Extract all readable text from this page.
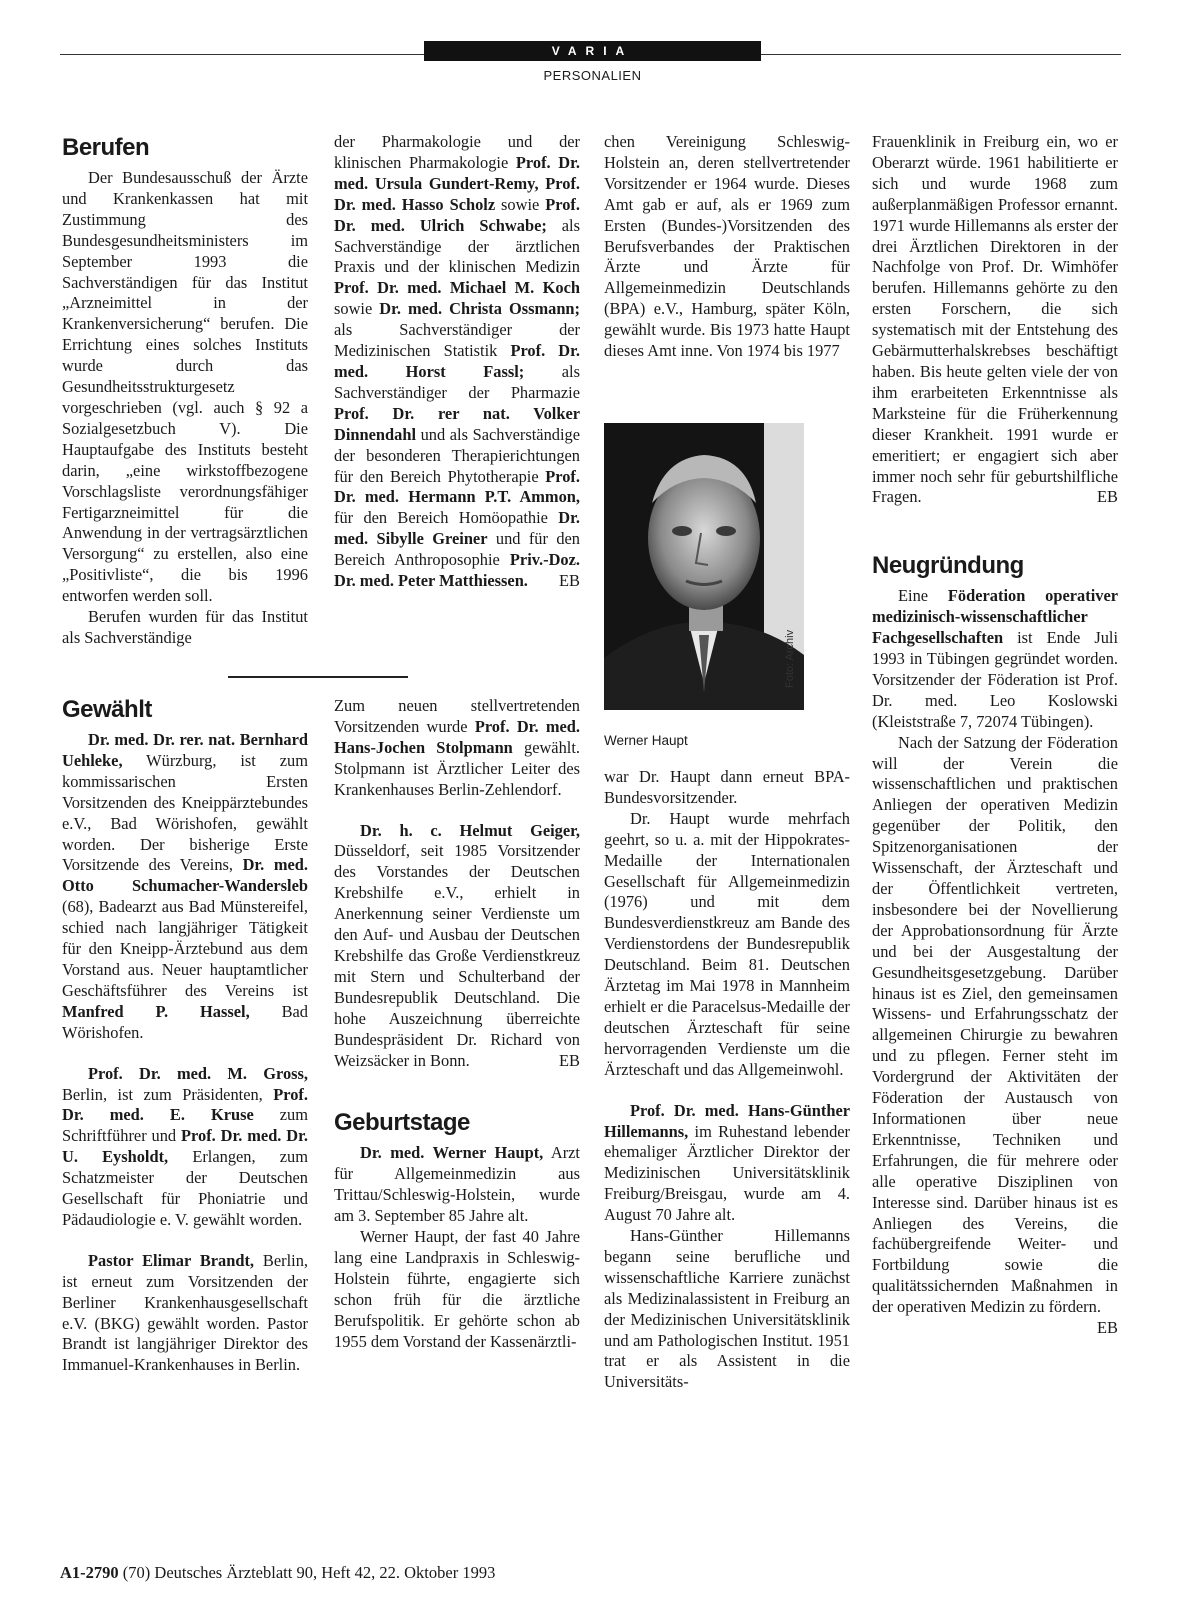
VARIA
PERSONALIEN
Berufen

Der Bundesausschuß der Ärzte und Krankenkassen hat mit Zustimmung des Bundesgesundheitsministers im September 1993 die Sachverständigen für das Institut „Arzneimittel in der Krankenversicherung“ berufen. Die Errichtung eines solches Instituts wurde durch das Gesundheitsstrukturgesetz vorgeschrieben (vgl. auch § 92 a Sozialgesetzbuch V). Die Hauptaufgabe des Instituts besteht darin, „eine wirkstoffbezogene Vorschlagsliste verordnungsfähiger Fertigarzneimittel für die Anwendung in der vertragsärztlichen Versorgung“ zu erstellen, also eine „Positivliste“, die bis 1996 entworfen werden soll.

Berufen wurden für das Institut als Sachverständige

Gewählt

Dr. med. Dr. rer. nat. Bernhard Uehleke, Würzburg, ist zum kommissarischen Ersten Vorsitzenden des Kneippärztebundes e.V., Bad Wörishofen, gewählt worden. Der bisherige Erste Vorsitzende des Vereins, Dr. med. Otto Schumacher-Wandersleb (68), Badearzt aus Bad Münstereifel, schied nach langjähriger Tätigkeit für den Kneipp-Ärztebund aus dem Vorstand aus. Neuer hauptamtlicher Geschäftsführer des Vereins ist Manfred P. Hassel, Bad Wörishofen.

Prof. Dr. med. M. Gross, Berlin, ist zum Präsidenten, Prof. Dr. med. E. Kruse zum Schriftführer und Prof. Dr. med. Dr. U. Eysholdt, Erlangen, zum Schatzmeister der Deutschen Gesellschaft für Phoniatrie und Pädaudiologie e. V. gewählt worden.

Pastor Elimar Brandt, Berlin, ist erneut zum Vorsitzenden der Berliner Krankenhausgesellschaft e.V. (BKG) gewählt worden. Pastor Brandt ist langjähriger Direktor des Immanuel-Krankenhauses in Berlin.

der Pharmakologie und der klinischen Pharmakologie Prof. Dr. med. Ursula Gundert-Remy, Prof. Dr. med. Hasso Scholz sowie Prof. Dr. med. Ulrich Schwabe; als Sachverständige der ärztlichen Praxis und der klinischen Medizin Prof. Dr. med. Michael M. Koch sowie Dr. med. Christa Ossmann; als Sachverständiger der Medizinischen Statistik Prof. Dr. med. Horst Fassl; als Sachverständiger der Pharmazie Prof. Dr. rer nat. Volker Dinnendahl und als Sachverständige der besonderen Therapierichtungen für den Bereich Phytotherapie Prof. Dr. med. Hermann P.T. Ammon, für den Bereich Homöopathie Dr. med. Sibylle Greiner und für den Bereich Anthroposophie Priv.-Doz. Dr. med. Peter Matthiessen. EB

Zum neuen stellvertretenden Vorsitzenden wurde Prof. Dr. med. Hans-Jochen Stolpmann gewählt. Stolpmann ist Ärztlicher Leiter des Krankenhauses Berlin-Zehlendorf.

Dr. h. c. Helmut Geiger, Düsseldorf, seit 1985 Vorsitzender des Vorstandes der Deutschen Krebshilfe e.V., erhielt in Anerkennung seiner Verdienste um den Auf- und Ausbau der Deutschen Krebshilfe das Große Verdienstkreuz mit Stern und Schulterband der Bundesrepublik Deutschland. Die hohe Auszeichnung überreichte Bundespräsident Dr. Richard von Weizsäcker in Bonn.	EB

Geburtstage

Dr. med. Werner Haupt, Arzt für Allgemeinmedizin aus Trittau/Schleswig-Holstein, wurde am 3. September 85 Jahre alt.

Werner Haupt, der fast 40 Jahre lang eine Landpraxis in Schleswig-Holstein führte, engagierte sich schon früh für die ärztliche Berufspolitik. Er gehörte schon ab 1955 dem Vorstand der Kassenärztli-

chen Vereinigung Schleswig-Holstein an, deren stellvertretender Vorsitzender er 1964 wurde. Dieses Amt gab er auf, als er 1969 zum Ersten (Bundes-)Vorsitzenden des Berufsverbandes der Praktischen Ärzte und Ärzte für Allgemeinmedizin Deutschlands (BPA) e.V., Hamburg, später Köln, gewählt wurde. Bis 1973 hatte Haupt dieses Amt inne. Von 1974 bis 1977

Foto: Archiv
Werner Haupt

war Dr. Haupt dann erneut BPA-Bundesvorsitzender.

Dr. Haupt wurde mehrfach geehrt, so u. a. mit der Hippokrates-Medaille der Internationalen Gesellschaft für Allgemeinmedizin (1976) und mit dem Bundesverdienstkreuz am Bande des Verdienstordens der Bundesrepublik Deutschland. Beim 81. Deutschen Ärztetag im Mai 1978 in Mannheim erhielt er die Paracelsus-Medaille der deutschen Ärzteschaft für seine hervorragenden Verdienste um die Ärzteschaft und das Allgemeinwohl.

Prof. Dr. med. Hans-Günther Hillemanns, im Ruhestand lebender ehemaliger Ärztlicher Direktor der Medizinischen Universitätsklinik Freiburg/Breisgau, wurde am 4. August 70 Jahre alt.

Hans-Günther Hillemanns begann seine berufliche und wissenschaftliche Karriere zunächst als Medizinalassistent in Freiburg an der Medizinischen Universitätsklinik und am Pathologischen Institut. 1951 trat er als Assistent in die Universitäts-

Frauenklinik in Freiburg ein, wo er Oberarzt würde. 1961 habilitierte er sich und wurde 1968 zum außerplanmäßigen Professor ernannt. 1971 wurde Hillemanns als erster der drei Ärztlichen Direktoren in der Nachfolge von Prof. Dr. Wimhöfer berufen. Hillemanns gehörte zu den ersten Forschern, die sich systematisch mit der Entstehung des Gebärmutterhalskrebses beschäftigt haben. Bis heute gelten viele der von ihm erarbeiteten Erkenntnisse als Marksteine für die Früherkennung dieser Krankheit. 1991 wurde er emeritiert; er engagiert sich aber immer noch sehr für geburtshilfliche Fragen.	EB

Neugründung

Eine Föderation operativer medizinisch-wissenschaftlicher Fachgesellschaften ist Ende Juli 1993 in Tübingen gegründet worden. Vorsitzender der Föderation ist Prof. Dr. med. Leo Koslowski (Kleiststraße 7, 72074 Tübingen).

Nach der Satzung der Föderation will der Verein die wissenschaftlichen und praktischen Anliegen der operativen Medizin gegenüber der Politik, den Spitzenorganisationen der Wissenschaft, der Ärzteschaft und der Öffentlichkeit vertreten, insbesondere bei der Novellierung der Approbationsordnung für Ärzte und bei der Ausgestaltung der Gesundheitsgesetzgebung. Darüber hinaus ist es Ziel, den gemeinsamen Wissens- und Erfahrungsschatz der allgemeinen Chirurgie zu bewahren und zu pflegen. Ferner steht im Vordergrund der Aktivitäten der Föderation der Austausch von Informationen über neue Erkenntnisse, Techniken und Erfahrungen, die für mehrere oder alle operative Disziplinen von Interesse sind. Darüber hinaus ist es Anliegen des Vereins, die fachübergreifende Weiter- und Fortbildung sowie die qualitätssichernden Maßnahmen in der operativen Medizin zu fördern.
EB

A1-2790 (70) Deutsches Ärzteblatt 90, Heft 42, 22. Oktober 1993
